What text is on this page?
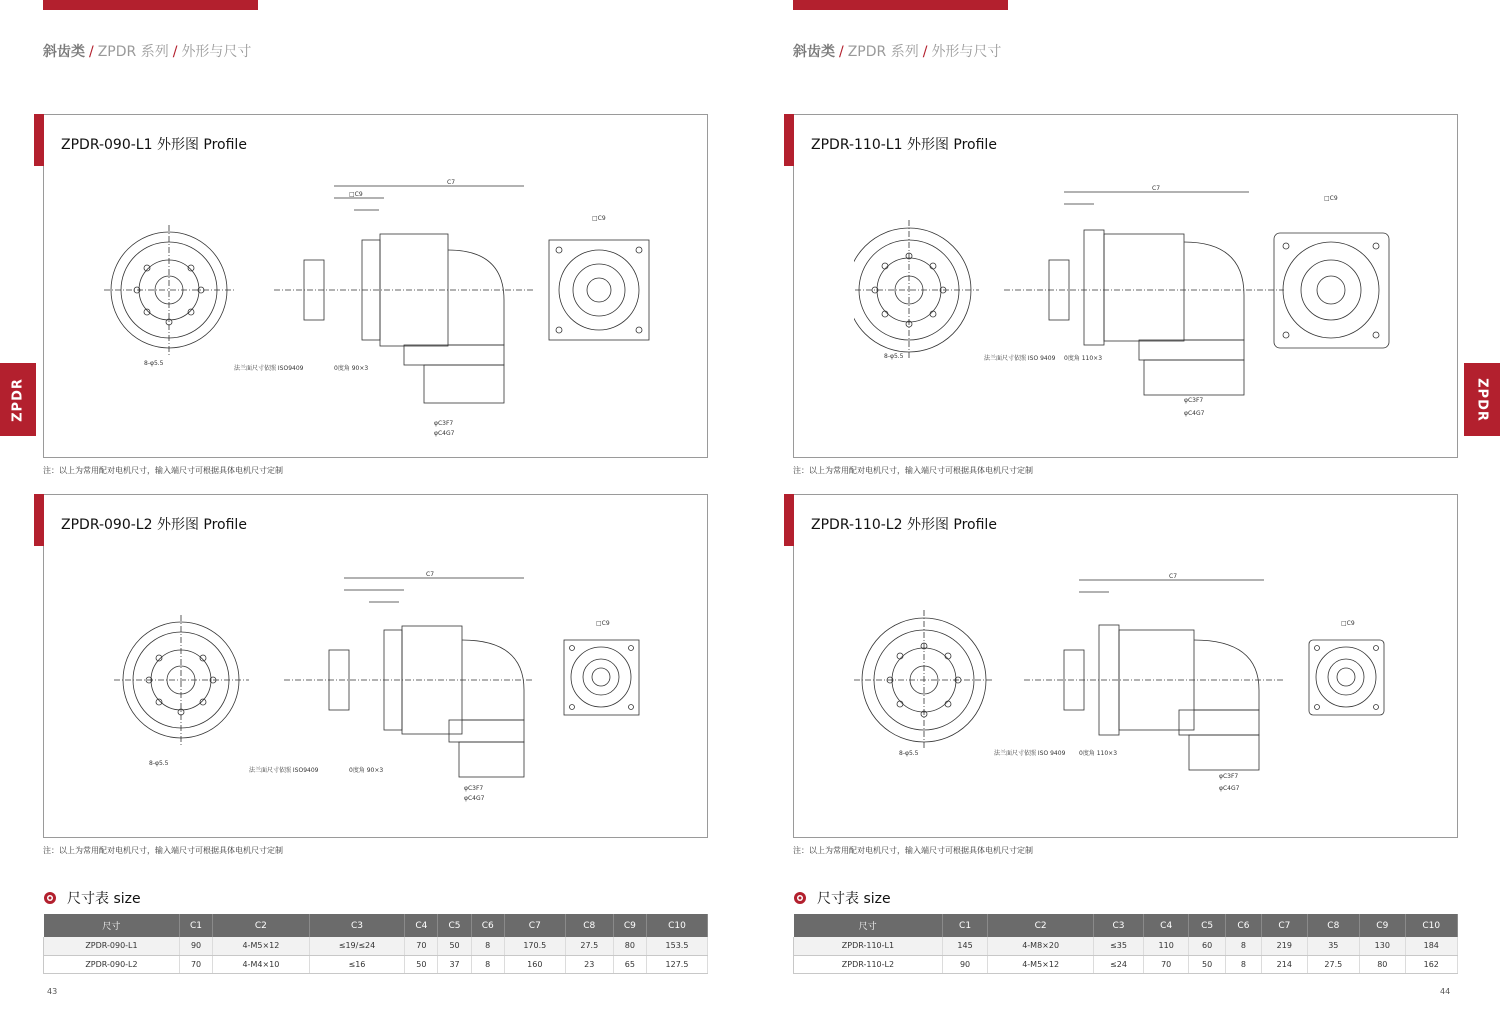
斜齿类 / ZPDR 系列 / 外形与尺寸
ZPDR
ZPDR-090-L1 外形图 Profile
C7
□C9
□C9
φC3F7
φC4G7
8-φ5.5
法兰面尺寸依照 ISO9409	0度角 90×3
注：以上为常用配对电机尺寸，输入端尺寸可根据具体电机尺寸定制
ZPDR-090-L2 外形图 Profile
C7
□C9
φC3F7
φC4G7
8-φ5.5
法兰面尺寸依照 ISO9409	0度角 90×3
注：以上为常用配对电机尺寸，输入端尺寸可根据具体电机尺寸定制
尺寸表 size
尺寸	C1	C2	C3	C4	C5	C6	C7	C8	C9	C10
ZPDR-090-L1	90	4-M5×12	≤19/≤24	70	50	8	170.5	27.5	80	153.5
ZPDR-090-L2	70	4-M4×10	≤16	50	37	8	160	23	65	127.5
43
斜齿类 / ZPDR 系列 / 外形与尺寸
ZPDR
ZPDR-110-L1 外形图 Profile
C7
□C9
φC3F7
φC4G7
8-φ5.5	法兰面尺寸依照 ISO 9409 0度角 110×3
注：以上为常用配对电机尺寸，输入端尺寸可根据具体电机尺寸定制
ZPDR-110-L2 外形图 Profile
C7
□C9
φC3F7
φC4G7
8-φ5.5	法兰面尺寸依照 ISO 9409 0度角 110×3
注：以上为常用配对电机尺寸，输入端尺寸可根据具体电机尺寸定制
尺寸表 size
尺寸	C1	C2	C3	C4	C5	C6	C7	C8	C9	C10
ZPDR-110-L1	145	4-M8×20	≤35	110	60	8	219	35	130	184
ZPDR-110-L2	90	4-M5×12	≤24	70	50	8	214	27.5	80	162
44
